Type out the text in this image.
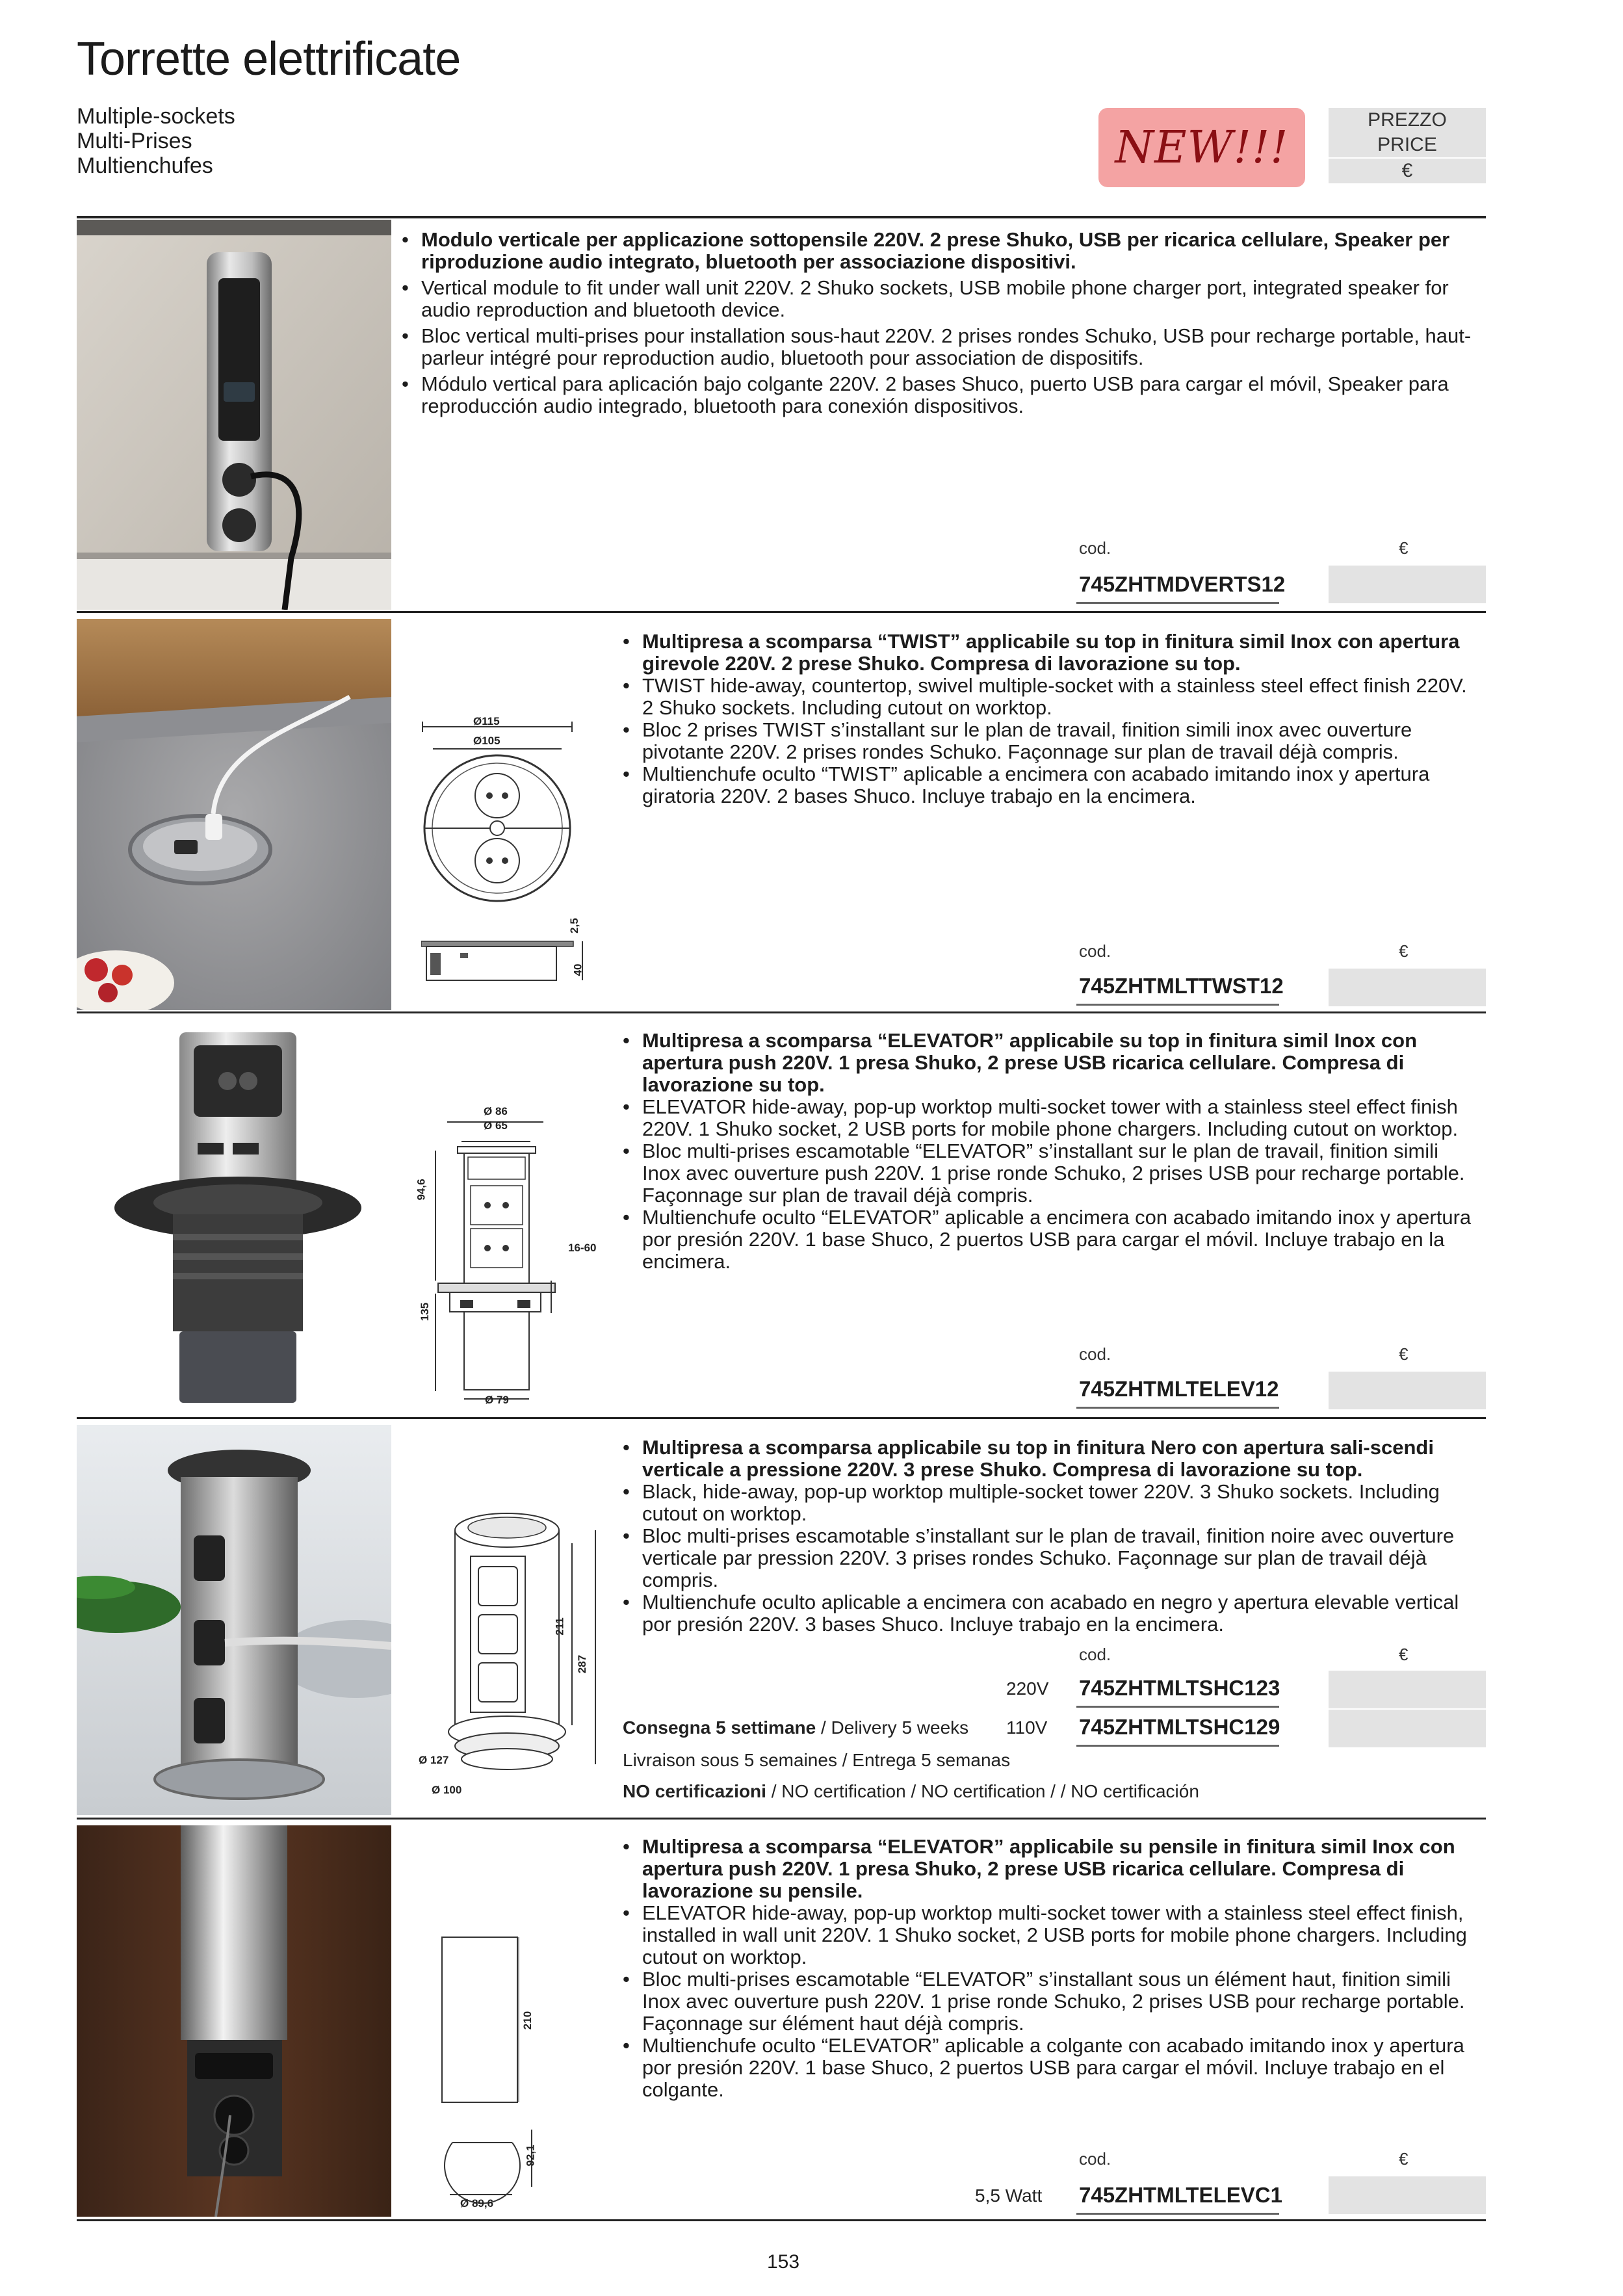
Torrette elettrificate
Multiple-sockets
Multi-Prises
Multienchufes	NEW!!!
PREZZO
PRICE
€

• Modulo verticale per applicazione sottopensile 220V. 2 prese Shuko, USB per ricarica cellulare, Speaker per riproduzione audio integrato, bluetooth per associazione dispositivi.

• Vertical module to fit under wall unit 220V. 2 Shuko sockets, USB mobile phone charger port, integrated speaker for audio reproduction and bluetooth device.

• Bloc vertical multi-prises pour installation sous-haut 220V. 2 prises rondes Schuko, USB pour recharge portable, haut-parleur intégré pour reproduction audio, bluetooth pour association de dispositifs.

• Módulo vertical para aplicación bajo colgante 220V. 2 bases Shuco, puerto USB para cargar el móvil, Speaker para reproducción audio integrado, bluetooth para conexión dispositivos.

cod.	€
745ZHTMDVERTS12
Ø115
Ø105
2,5
40

• Multipresa a scomparsa “TWIST” applicabile su top in finitura simil Inox con apertura girevole 220V. 2 prese Shuko. Compresa di lavorazione su top.

• TWIST hide-away, countertop, swivel multiple-socket with a stainless steel effect finish 220V. 2 Shuko sockets. Including cutout on worktop.

• Bloc 2 prises TWIST s’installant sur le plan de travail, finition simili inox avec ouverture pivotante 220V. 2 prises rondes Schuko. Façonnage sur plan de travail déjà compris.

• Multienchufe oculto “TWIST” aplicable a encimera con acabado imitando inox y apertura giratoria 220V. 2 bases Shuco. Incluye trabajo en la encimera.

cod.	€
745ZHTMLTTWST12
Ø 86
Ø 65
94,6
16-60
135
Ø 79

• Multipresa a scomparsa “ELEVATOR” applicabile su top in finitura simil Inox con apertura push 220V. 1 presa Shuko, 2 prese USB ricarica cellulare. Compresa di lavorazione su top.

• ELEVATOR hide-away, pop-up worktop multi-socket tower with a stainless steel effect finish 220V. 1 Shuko socket, 2 USB ports for mobile phone chargers. Including cutout on worktop.

• Bloc multi-prises escamotable “ELEVATOR” s’installant sur le plan de travail, finition simili Inox avec ouverture push 220V. 1 prise ronde Schuko, 2 prises USB pour recharge portable. Façonnage sur plan de travail déjà compris.

• Multienchufe oculto “ELEVATOR” aplicable a encimera con acabado imitando inox y apertura por presión 220V. 1 base Shuco, 2 puertos USB para cargar el móvil. Incluye trabajo en la encimera.

cod.	€
745ZHTMLTELEV12
211
287
Ø 127
Ø 100

• Multipresa a scomparsa applicabile su top in finitura Nero con apertura sali-scendi verticale a pressione 220V. 3 prese Shuko. Compresa di lavorazione su top.

• Black, hide-away, pop-up worktop multiple-socket tower 220V. 3 Shuko sockets. Including cutout on worktop.

• Bloc multi-prises escamotable s’installant sur le plan de travail, finition noire avec ouverture verticale par pression 220V. 3 prises rondes Schuko. Façonnage sur plan de travail déjà compris.

• Multienchufe oculto aplicable a encimera con acabado en negro y apertura elevable vertical por presión 220V. 3 bases Shuco. Incluye trabajo en la encimera.

cod.	€
220V 745ZHTMLTSHC123
Consegna 5 settimane / Delivery 5 weeks 110V 745ZHTMLTSHC129
Livraison sous 5 semaines / Entrega 5 semanas
NO certificazioni / NO certification / NO certification / / NO certificación
210
92,1
Ø 89,6

• Multipresa a scomparsa “ELEVATOR” applicabile su pensile in finitura simil Inox con apertura push 220V. 1 presa Shuko, 2 prese USB ricarica cellulare. Compresa di lavorazione su pensile.

• ELEVATOR hide-away, pop-up worktop multi-socket tower with a stainless steel effect finish, installed in wall unit 220V. 1 Shuko socket, 2 USB ports for mobile phone chargers. Including cutout on worktop.

• Bloc multi-prises escamotable “ELEVATOR” s’installant sous un élément haut, finition simili Inox avec ouverture push 220V. 1 prise ronde Schuko, 2 prises USB pour recharge portable. Façonnage sur élément haut déjà compris.

• Multienchufe oculto “ELEVATOR” aplicable a colgante con acabado imitando inox y apertura por presión 220V. 1 base Shuco, 2 puertos USB para cargar el móvil. Incluye trabajo en el colgante.

cod.	€
5,5 Watt 745ZHTMLTELEVC1
153
